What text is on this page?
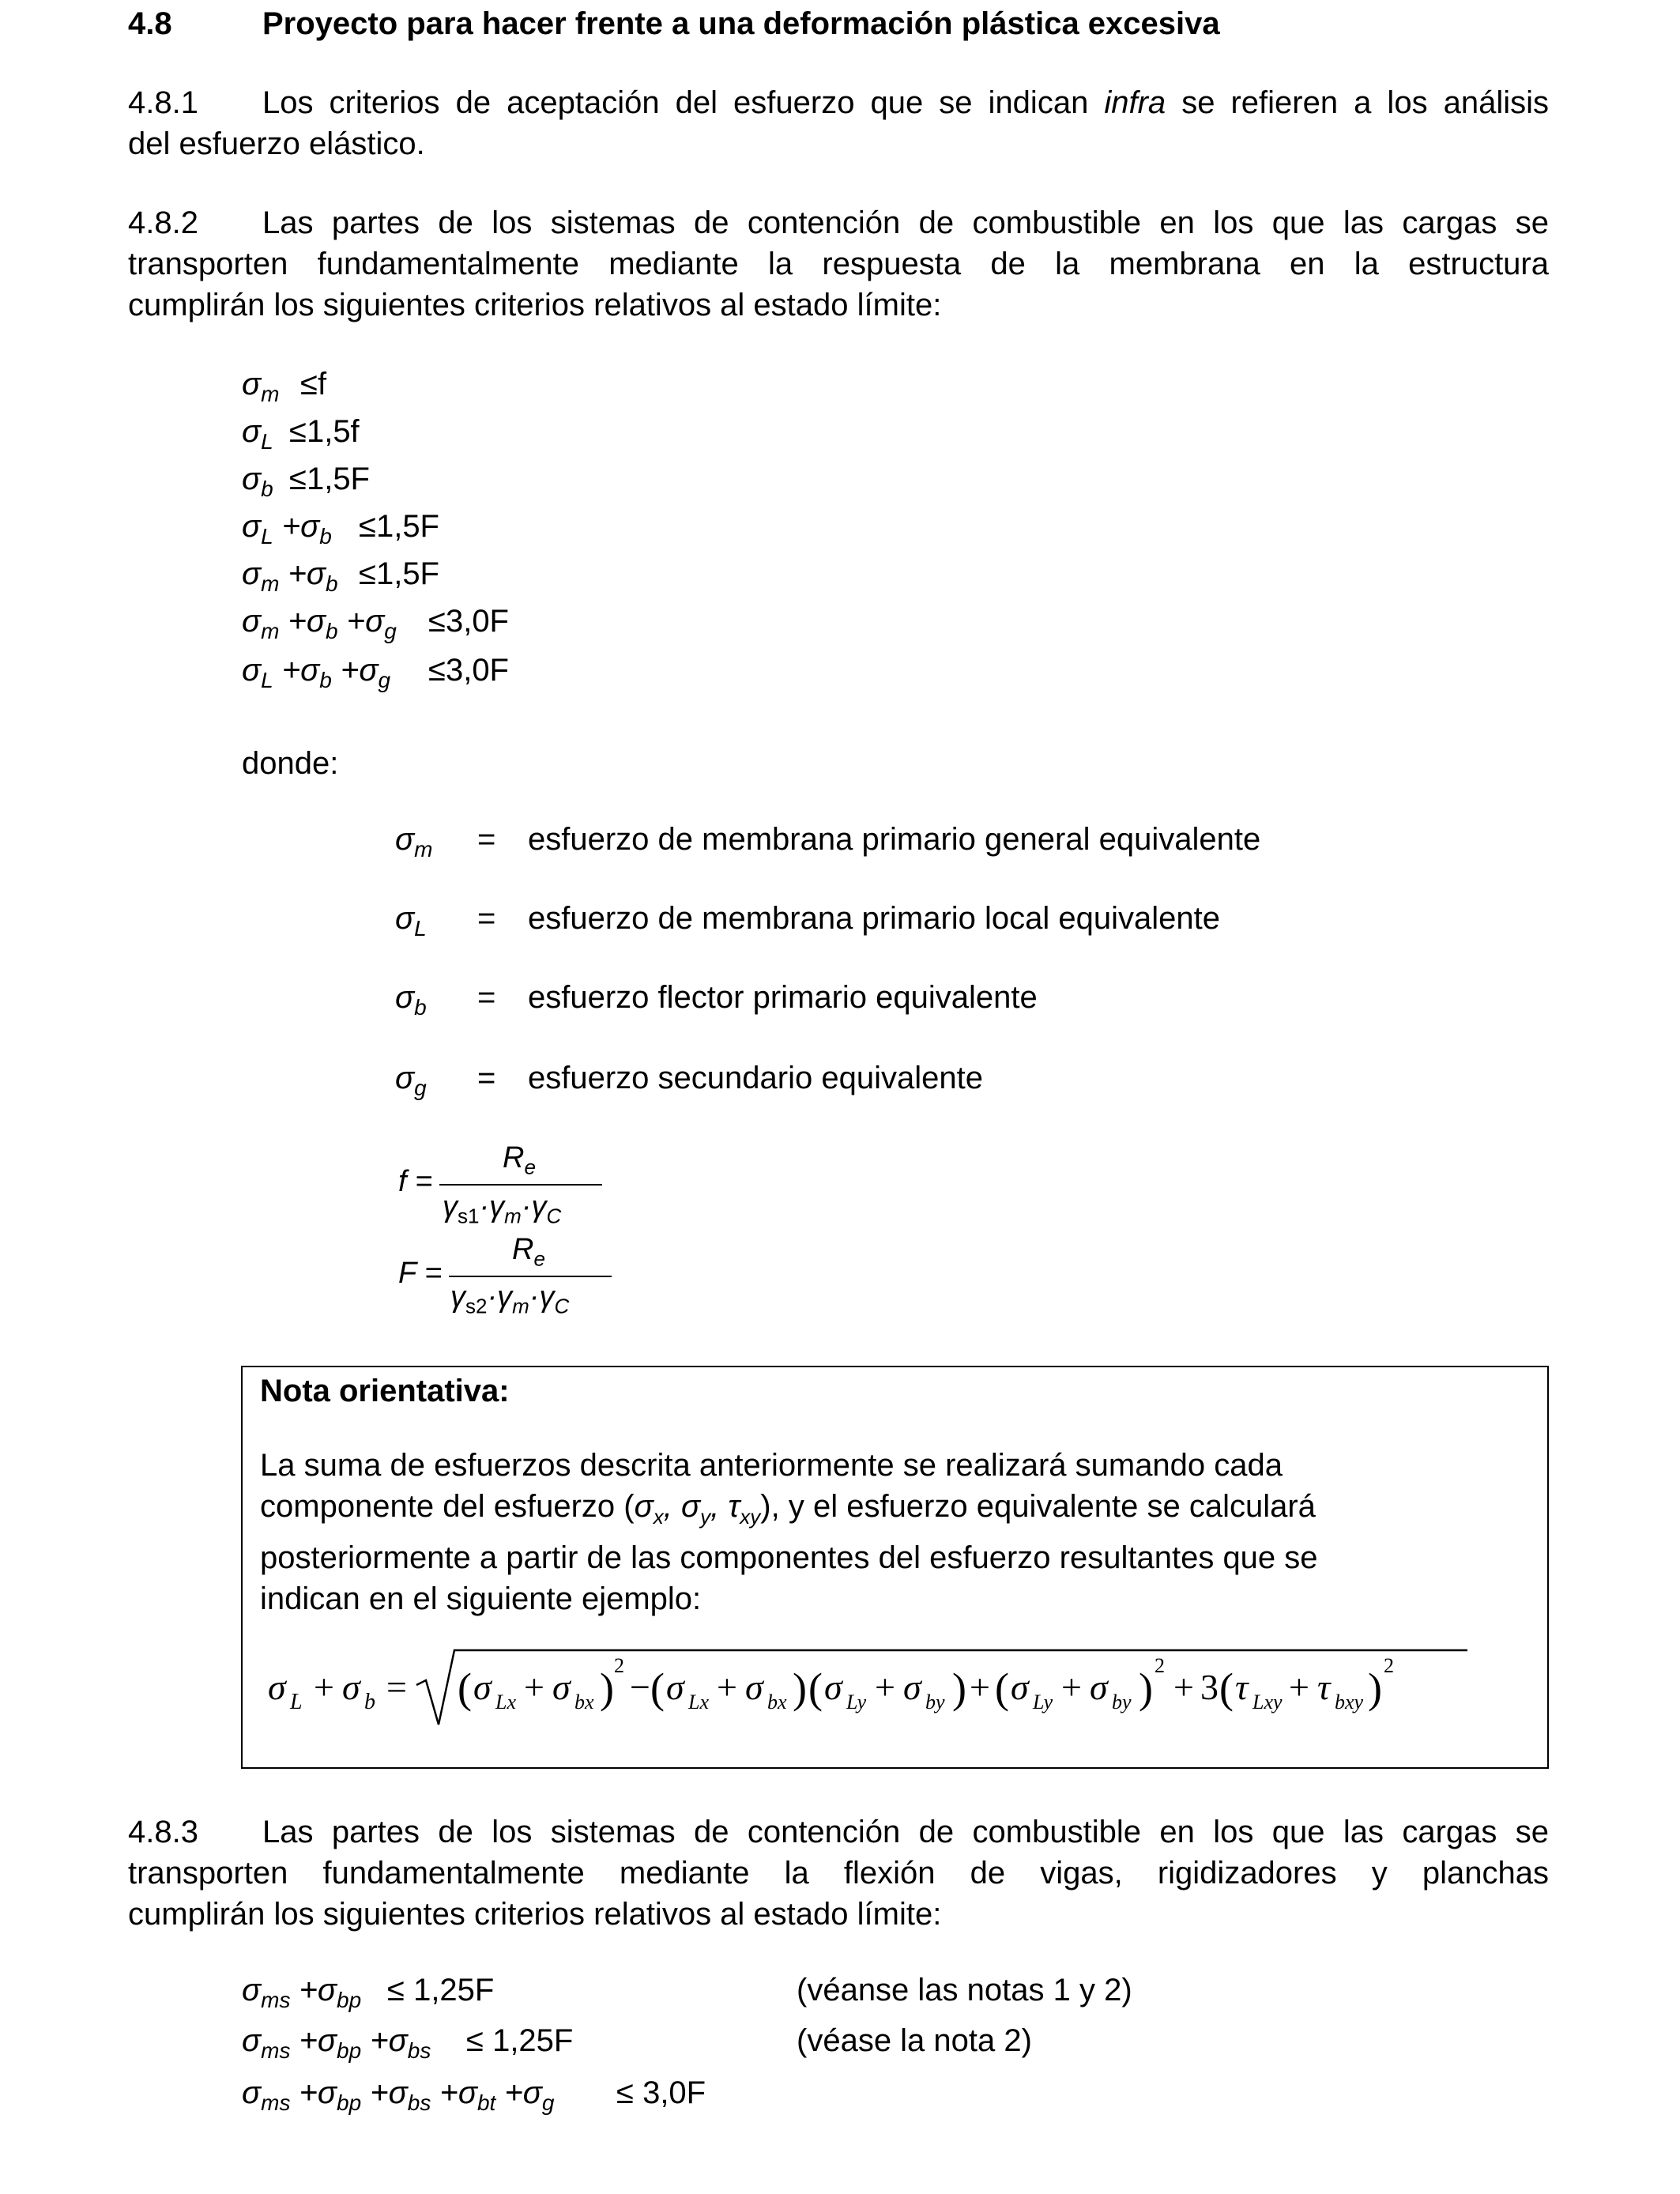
4.8	Proyecto para hacer frente a una deformación plástica excesiva
4.8.1 Los criterios de aceptación del esfuerzo que se indican infra se refieren a los análisis
del esfuerzo elástico.
4.8.2 Las partes de los sistemas de contención de combustible en los que las cargas se
transporten fundamentalmente mediante la respuesta de la membrana en la estructura
cumplirán los siguientes criterios relativos al estado límite:
$\sigma_m \le f$
$\sigma_L \le 1,5f$
$\sigma_b \le 1,5F$
$\sigma_L +\sigma_b \le 1,5F$
$\sigma_m +\sigma_b \le 1,5F$
$\sigma_m +\sigma_b +\sigma_g \le 3,0F$
$\sigma_L +\sigma_b +\sigma_g \le 3,0F$
donde:
$\sigma_m$ = esfuerzo de membrana primario general equivalente
$\sigma_L$ = esfuerzo de membrana primario local equivalente
$\sigma_b$ = esfuerzo flector primario equivalente
$\sigma_g$ = esfuerzo secundario equivalente
f =
$R_e$
$\gamma_{s1}\cdot\gamma_m\cdot\gamma_C$
F =
$R_e$
$\gamma_{s2}\cdot\gamma_m\cdot\gamma_C$
Nota orientativa:
La suma de esfuerzos descrita anteriormente se realizará sumando cada
componente del esfuerzo ($\sigma_x$, $\sigma_y$, $\tau_{xy}$), y el esfuerzo equivalente se calculará
posteriormente a partir de las componentes del esfuerzo resultantes que se
indican en el siguiente ejemplo:
σ L + σ b = ( σ Lx + σ bx ) 2
− ( σ Lx + σ bx ) ( σ Ly + σ by ) + ( σ Ly + σ by ) 2
+ 3 ( τ Lxy + τ bxy ) 2
4.8.3 Las partes de los sistemas de contención de combustible en los que las cargas se
transporten fundamentalmente mediante la flexión de vigas, rigidizadores y planchas
cumplirán los siguientes criterios relativos al estado límite:
$\sigma_{ms} +\sigma_{bp} \le 1,25F$	(véanse las notas 1 y 2)
$\sigma_{ms} +\sigma_{bp} +\sigma_{bs} \le 1,25F$	(véase la nota 2)
$\sigma_{ms} +\sigma_{bp} +\sigma_{bs} +\sigma_{bt} +\sigma_g \le 3,0F$
